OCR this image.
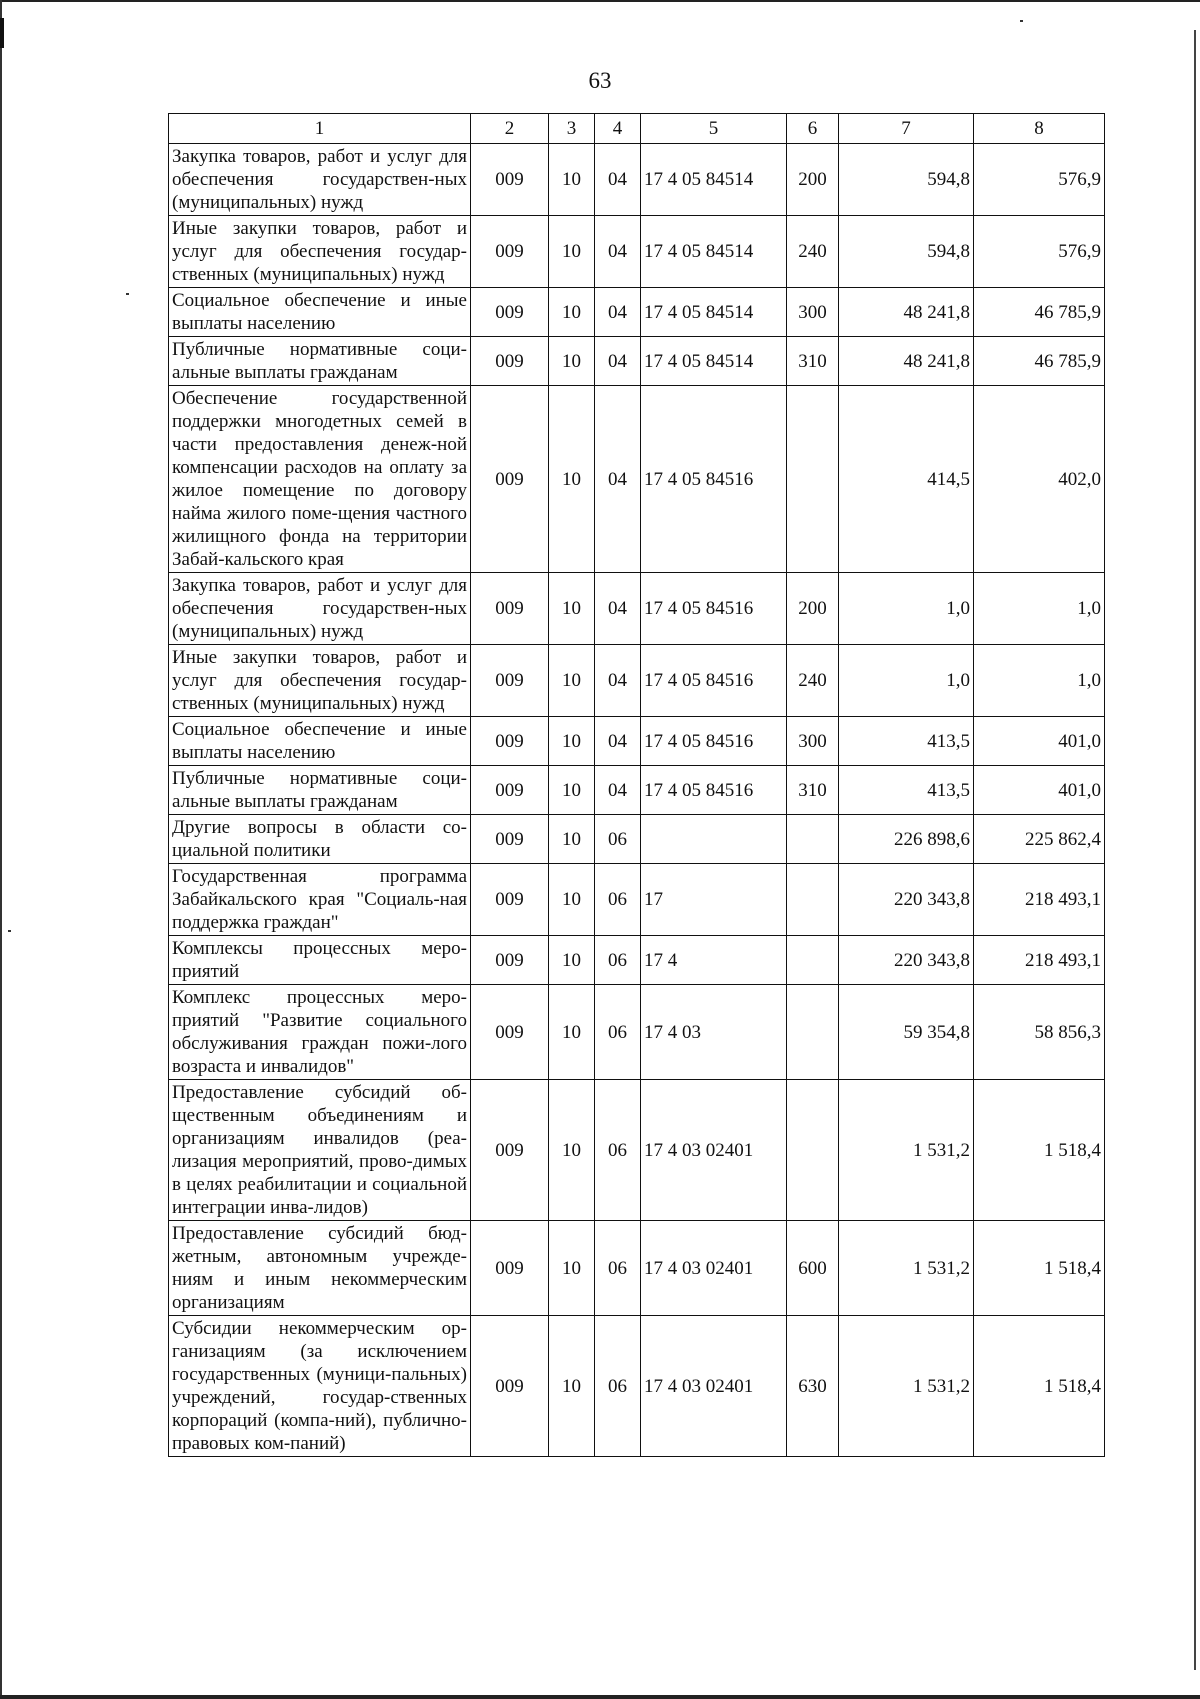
63
1	2	3	4	5	6	7	8
Закупка товаров, работ и услуг для обеспечения государствен-ных (муниципальных) нужд	009	10	04	17 4 05 84514	200	594,8	576,9
Иные закупки товаров, работ и услуг для обеспечения государ-ственных (муниципальных) нужд	009	10	04	17 4 05 84514	240	594,8	576,9
Социальное обеспечение и иные выплаты населению	009	10	04	17 4 05 84514	300	48 241,8	46 785,9
Публичные нормативные соци-альные выплаты гражданам	009	10	04	17 4 05 84514	310	48 241,8	46 785,9
Обеспечение государственной поддержки многодетных семей в части предоставления денеж-ной компенсации расходов на оплату за жилое помещение по договору найма жилого поме-щения частного жилищного фонда на территории Забай-кальского края	009	10	04	17 4 05 84516		414,5	402,0
Закупка товаров, работ и услуг для обеспечения государствен-ных (муниципальных) нужд	009	10	04	17 4 05 84516	200	1,0	1,0
Иные закупки товаров, работ и услуг для обеспечения государ-ственных (муниципальных) нужд	009	10	04	17 4 05 84516	240	1,0	1,0
Социальное обеспечение и иные выплаты населению	009	10	04	17 4 05 84516	300	413,5	401,0
Публичные нормативные соци-альные выплаты гражданам	009	10	04	17 4 05 84516	310	413,5	401,0
Другие вопросы в области со-циальной политики	009	10	06			226 898,6	225 862,4
Государственная программа Забайкальского края "Социаль-ная поддержка граждан"	009	10	06	17		220 343,8	218 493,1
Комплексы процессных меро-приятий	009	10	06	17 4		220 343,8	218 493,1
Комплекс процессных меро-приятий "Развитие социального обслуживания граждан пожи-лого возраста и инвалидов"	009	10	06	17 4 03		59 354,8	58 856,3
Предоставление субсидий об-щественным объединениям и организациям инвалидов (реа-лизация мероприятий, прово-димых в целях реабилитации и социальной интеграции инва-лидов)	009	10	06	17 4 03 02401		1 531,2	1 518,4
Предоставление субсидий бюд-жетным, автономным учрежде-ниям и иным некоммерческим организациям	009	10	06	17 4 03 02401	600	1 531,2	1 518,4
Субсидии некоммерческим ор-ганизациям (за исключением государственных (муници-пальных) учреждений, государ-ственных корпораций (компа-ний), публично-правовых ком-паний)	009	10	06	17 4 03 02401	630	1 531,2	1 518,4
